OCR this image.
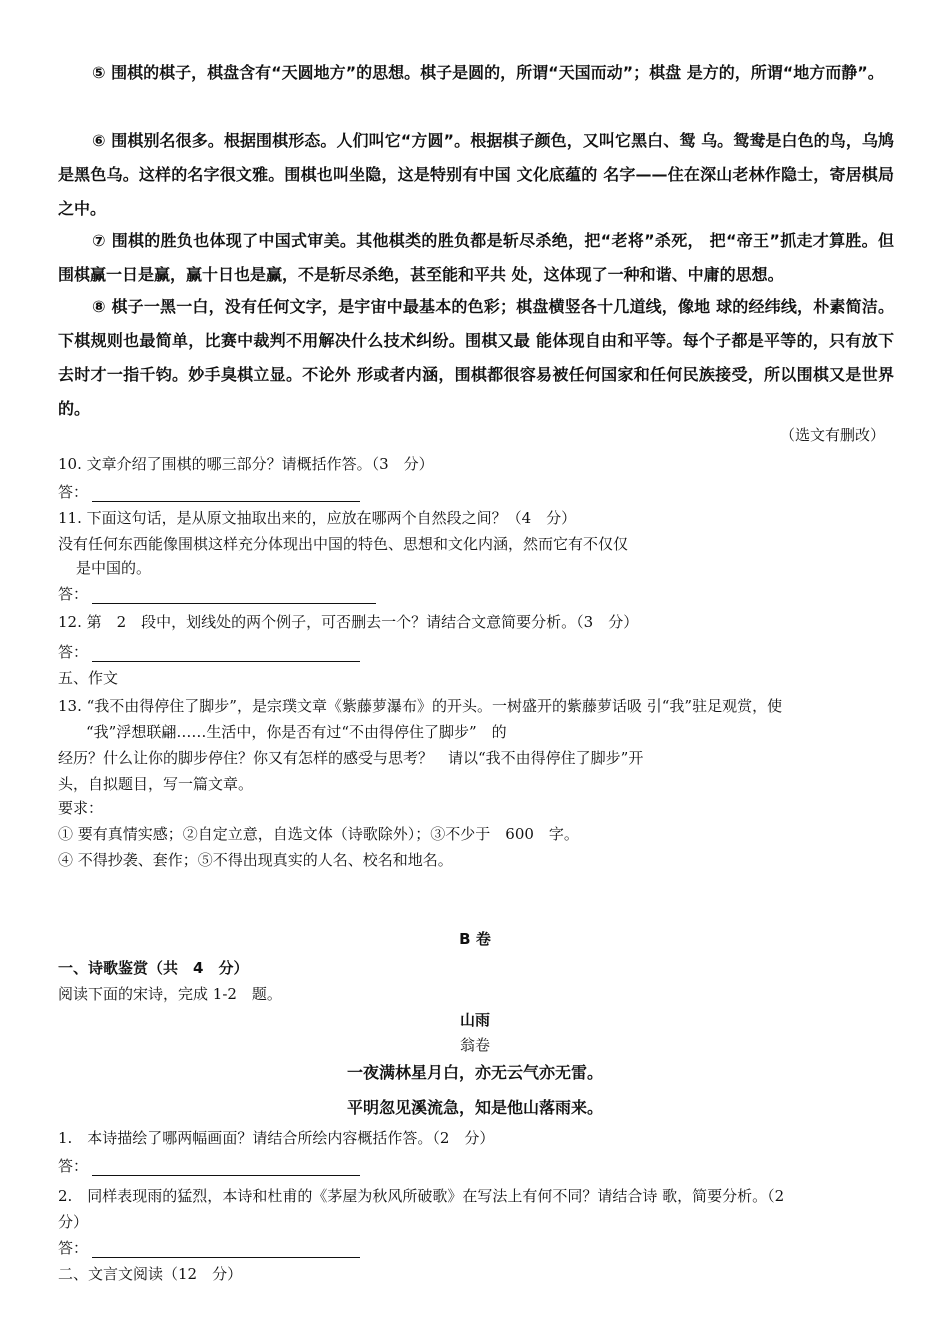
⑤ 围棋的棋子，棋盘含有“天圆地方”的思想。棋子是圆的，所谓“天国而动”；棋盘 是方的，所谓“地方而静”。
⑥ 围棋别名很多。根据围棋形态。人们叫它“方圆”。根据棋子颜色，又叫它黑白、鸳 乌。鸳鸯是白色的鸟，乌鸠是黑色乌。这样的名字很文雅。围棋也叫坐隐，这是特别有中国 文化底蕴的 名字——住在深山老林作隐士，寄居棋局之中。
⑦ 围棋的胜负也体现了中国式审美。其他棋类的胜负都是斩尽杀绝，把“老将”杀死， 把“帝王”抓走才算胜。但围棋赢一日是赢，赢十日也是赢，不是斩尽杀绝，甚至能和平共 处，这体现了一种和谐、中庸的思想。
⑧ 棋子一黑一白，没有任何文字，是宇宙中最基本的色彩；棋盘横竖各十几道线，像地 球的经纬线，朴素简洁。下棋规则也最简单，比赛中裁判不用解决什么技术纠纷。围棋又最 能体现自由和平等。每个子都是平等的，只有放下去时才一指千钧。妙手臭棋立显。不论外 形或者内涵，围棋都很容易被任何国家和任何民族接受，所以围棋又是世界的。
（选文有删改）
10. 文章介绍了围棋的哪三部分？请概括作答。（3　分）
答：
11. 下面这句话，是从原文抽取出来的，应放在哪两个自然段之间？（4　分）
没有任何东西能像围棋这样充分体现出中国的特色、思想和文化内涵，然而它有不仅仅
是中国的。
答：
12. 第　2　段中，划线处的两个例子，可否删去一个？请结合文意简要分析。（3　分）
答：
五、作文
13. “我不由得停住了脚步”，是宗璞文章《紫藤萝瀑布》的开头。一树盛开的紫藤萝话吸 引“我”驻足观赏，使
“我”浮想联翩……生活中，你是否有过“不由得停住了脚步”　的
经历？什么让你的脚步停住？你又有怎样的感受与思考？　请以“我不由得停住了脚步”开
头，自拟题目，写一篇文章。
要求：
① 要有真情实感；②自定立意，自选文体（诗歌除外）；③不少于　600　字。
④ 不得抄袭、套作；⑤不得出现真实的人名、校名和地名。
B 卷
一、诗歌鉴赏（共　4　分）
阅读下面的宋诗，完成 1-2　题。
山雨
翁卷
一夜满林星月白，亦无云气亦无雷。
平明忽见溪流急，知是他山落雨来。
1.　本诗描绘了哪两幅画面？请结合所绘内容概括作答。（2　分）
答：
2.　同样表现雨的猛烈，本诗和杜甫的《茅屋为秋风所破歌》在写法上有何不同？请结合诗 歌，简要分析。（2
分）
答：
二、文言文阅读（12　分）
